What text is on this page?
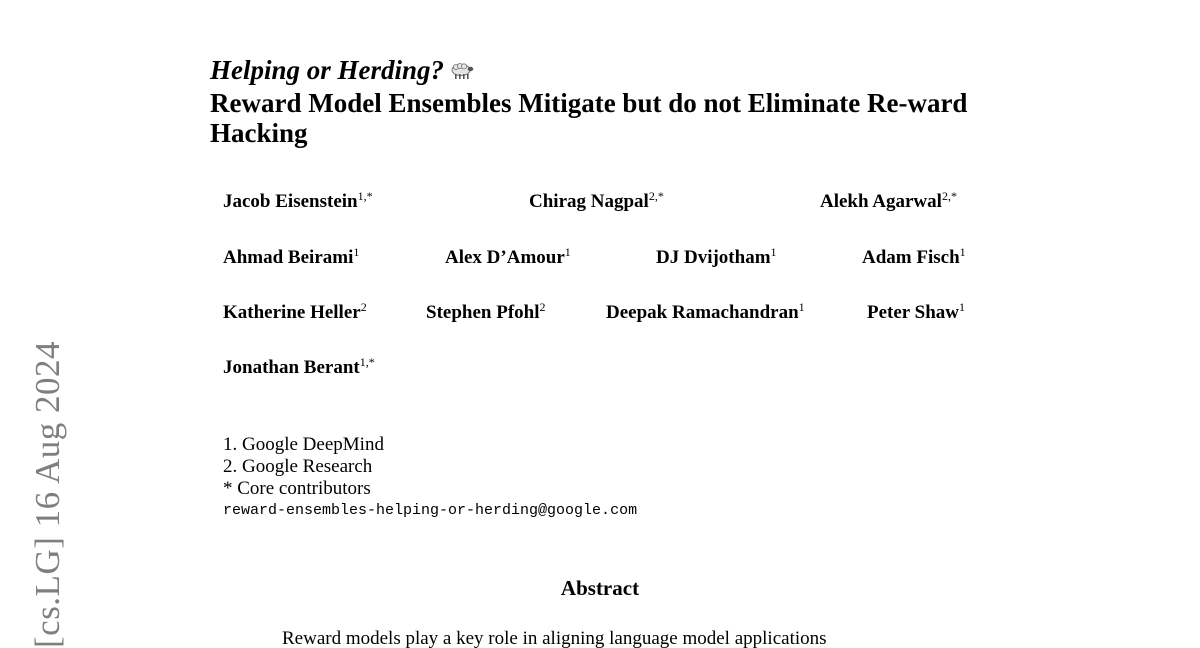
[cs.LG] 16 Aug 2024
Helping or Herding?
Reward Model Ensembles Mitigate but do not Eliminate Re-ward Hacking
Jacob Eisenstein$^{1,*}$	Chirag Nagpal$^{2,*}$	Alekh Agarwal$^{2,*}$
Ahmad Beirami$^1$	Alex D’Amour$^1$	DJ Dvijotham$^1$	Adam Fisch$^1$
Katherine Heller$^2$	Stephen Pfohl$^2$	Deepak Ramachandran$^1$	Peter Shaw$^1$
Jonathan Berant$^{1,*}$
1. Google DeepMind
2. Google Research
* Core contributors
reward-ensembles-helping-or-herding@google.com
Abstract
Reward models play a key role in aligning language model applications
